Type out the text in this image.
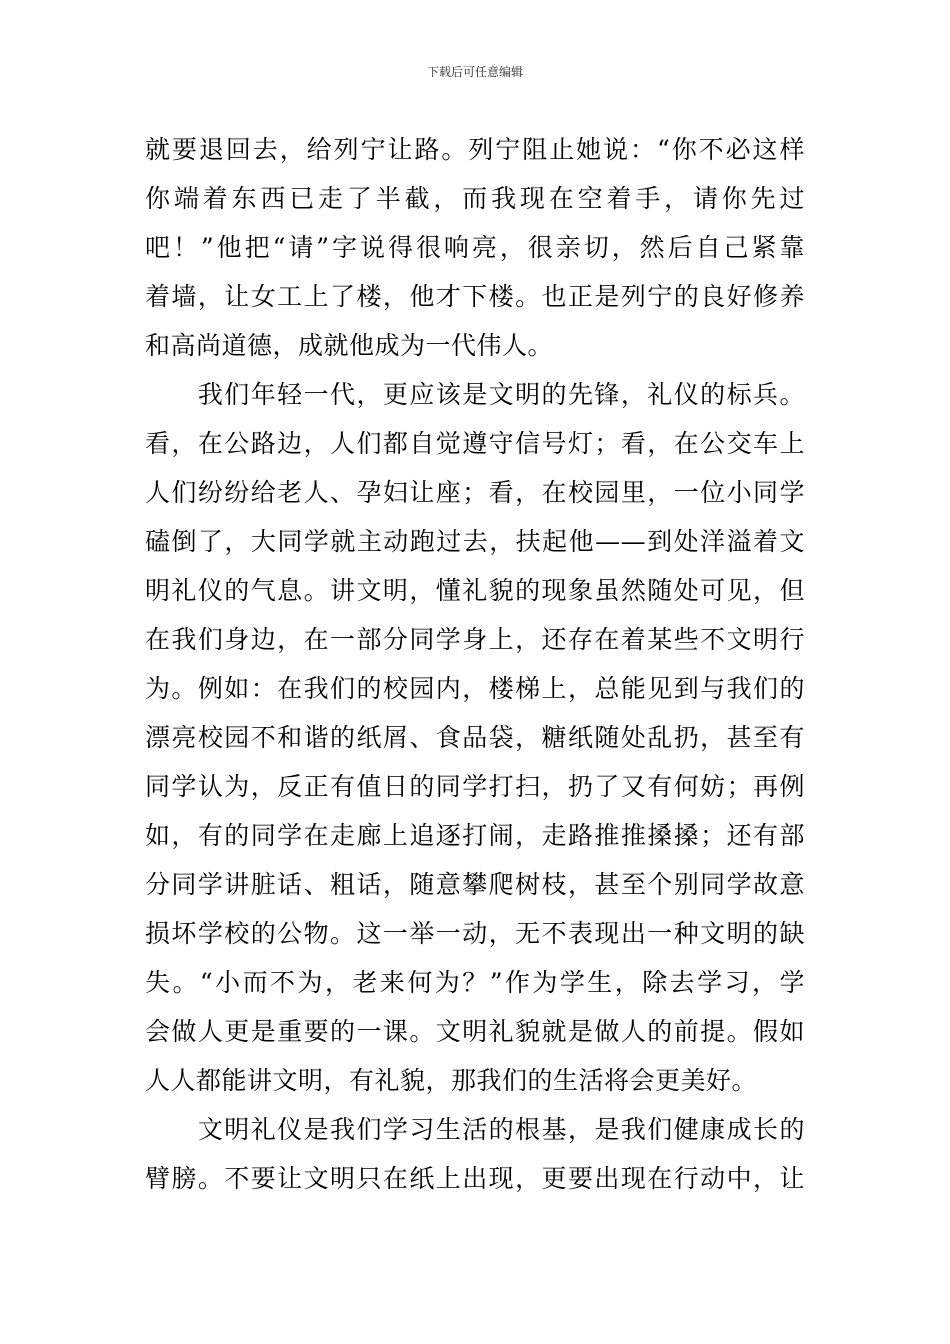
下载后可任意编辑
就要退回去，给列宁让路。列宁阻止她说：“你不必这样
你端着东西已走了半截，而我现在空着手，请你先过
吧！”他把“请”字说得很响亮，很亲切，然后自己紧靠
着墙，让女工上了楼，他才下楼。也正是列宁的良好修养
和高尚道德，成就他成为一代伟人。
　　我们年轻一代，更应该是文明的先锋，礼仪的标兵。
看，在公路边，人们都自觉遵守信号灯；看，在公交车上
人们纷纷给老人、孕妇让座；看，在校园里，一位小同学
磕倒了，大同学就主动跑过去，扶起他——到处洋溢着文
明礼仪的气息。讲文明，懂礼貌的现象虽然随处可见，但
在我们身边，在一部分同学身上，还存在着某些不文明行
为。例如：在我们的校园内，楼梯上，总能见到与我们的
漂亮校园不和谐的纸屑、食品袋，糖纸随处乱扔，甚至有
同学认为，反正有值日的同学打扫，扔了又有何妨；再例
如，有的同学在走廊上追逐打闹，走路推推搡搡；还有部
分同学讲脏话、粗话，随意攀爬树枝，甚至个别同学故意
损坏学校的公物。这一举一动，无不表现出一种文明的缺
失。“小而不为，老来何为？”作为学生，除去学习，学
会做人更是重要的一课。文明礼貌就是做人的前提。假如
人人都能讲文明，有礼貌，那我们的生活将会更美好。
　　文明礼仪是我们学习生活的根基，是我们健康成长的
臂膀。不要让文明只在纸上出现，更要出现在行动中，让
